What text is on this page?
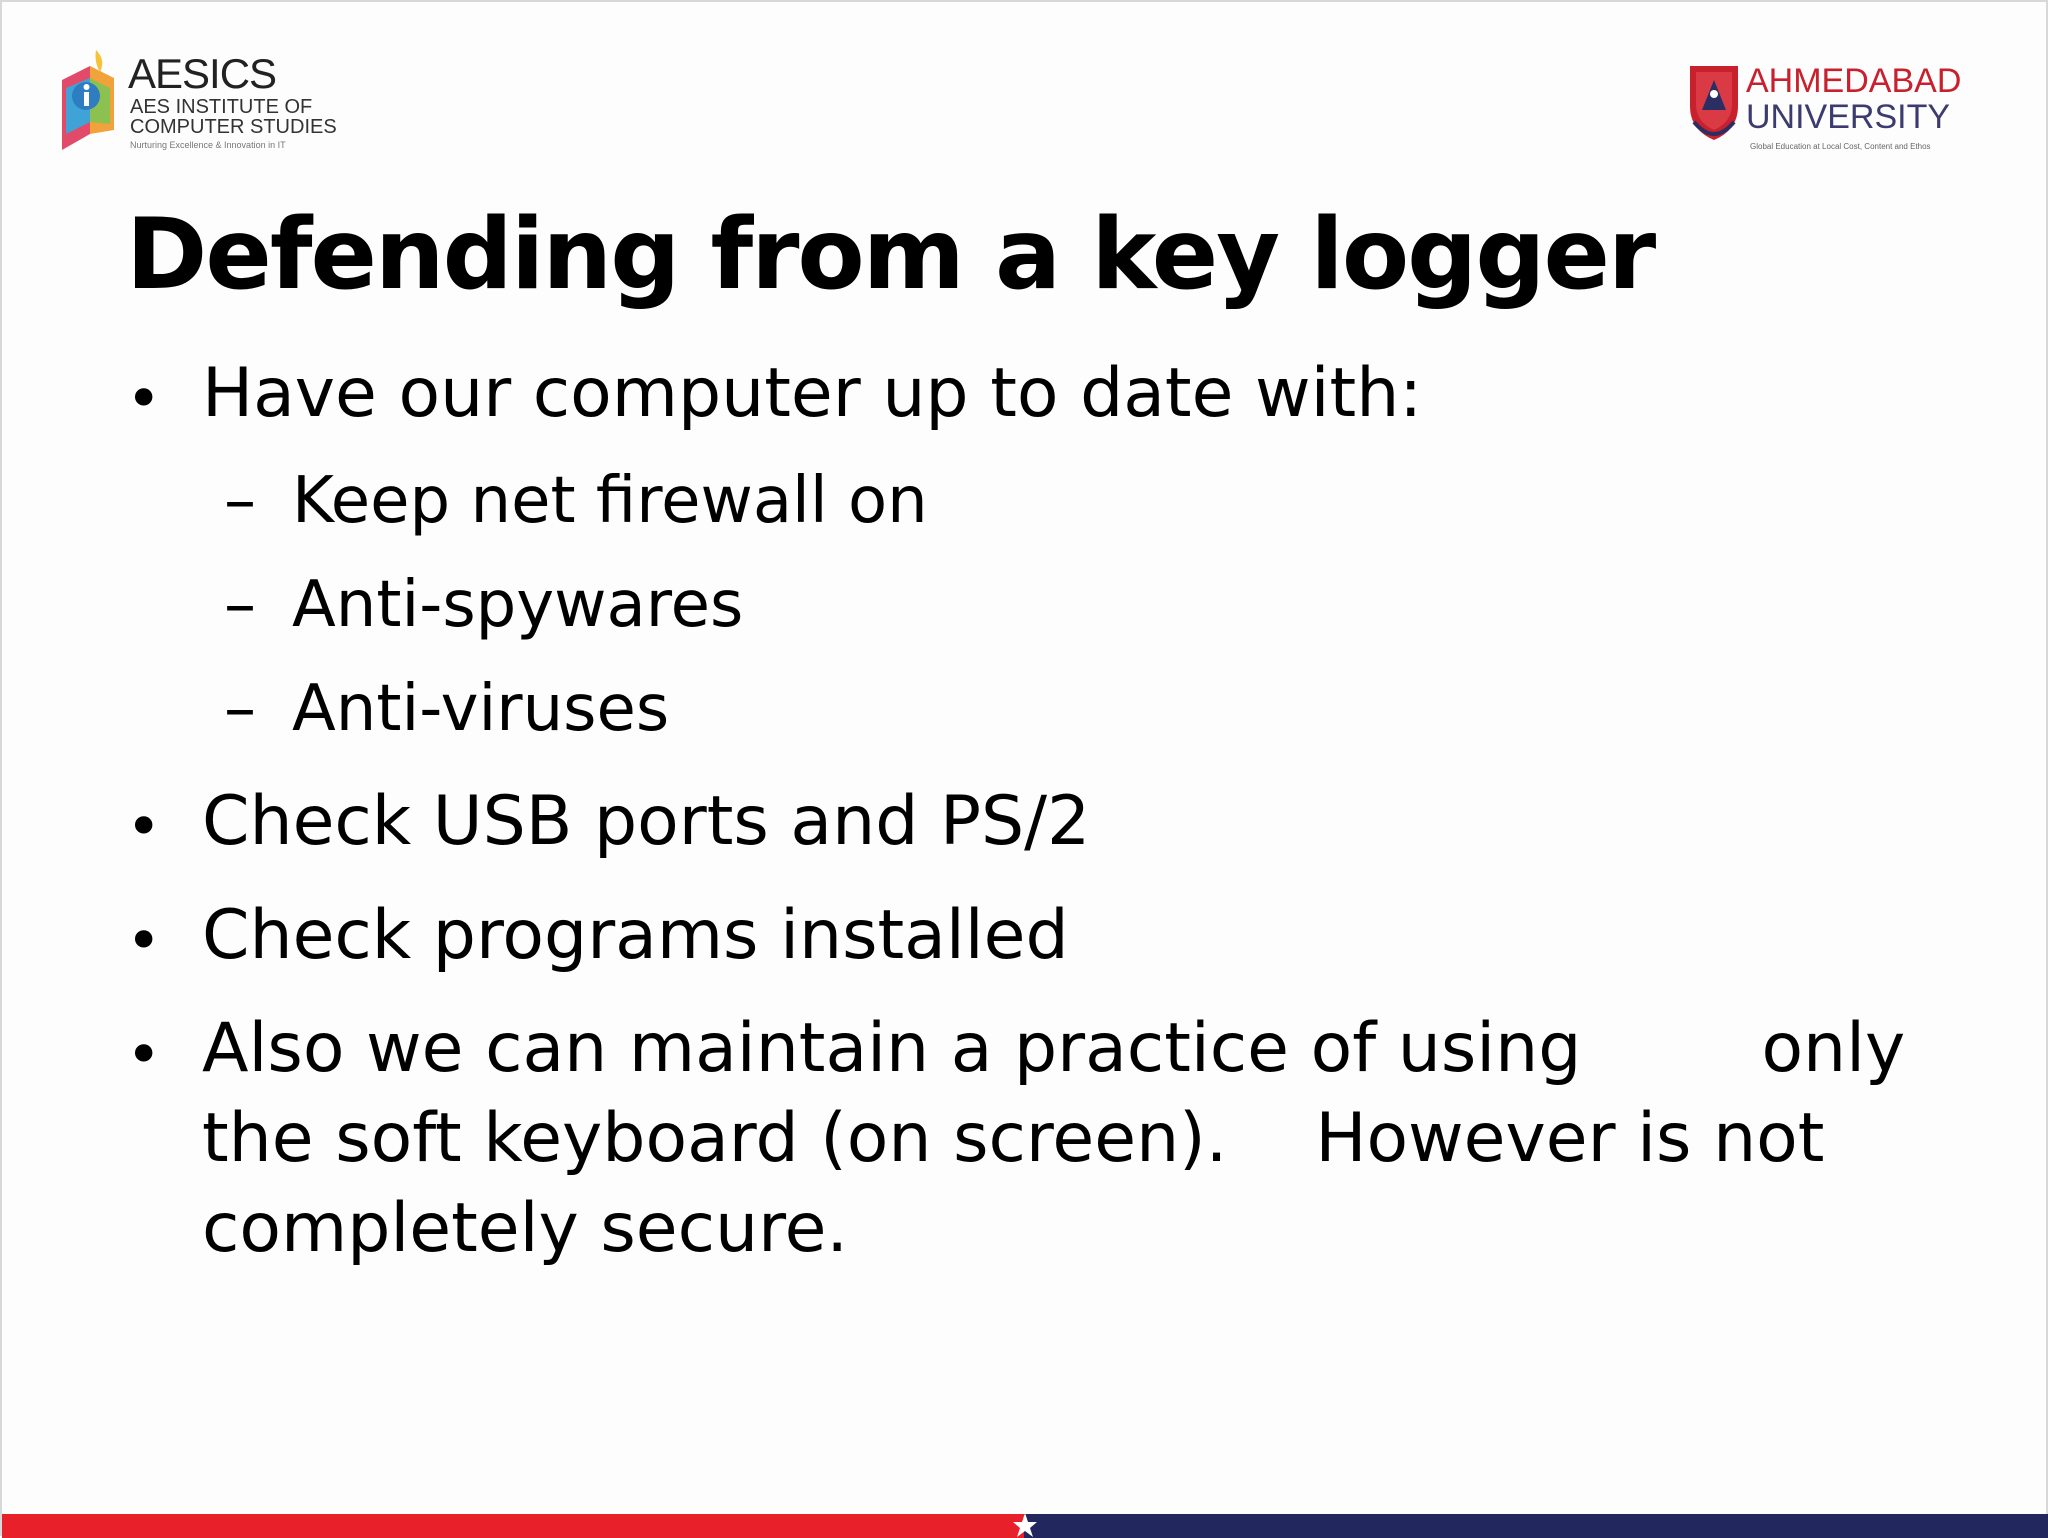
AESICS
AES INSTITUTE OF
COMPUTER STUDIES
Nurturing Excellence & Innovation in IT
AHMEDABAD
UNIVERSITY
Global Education at Local Cost, Content and Ethos
Defending from a key logger
• Have our computer up to date with:
– Keep net firewall on
– Anti-spywares
– Anti-viruses
• Check USB ports and PS/2
• Check programs installed
• Also we can maintain a practice of using	only
the soft keyboard (on screen). However is not
completely secure.
